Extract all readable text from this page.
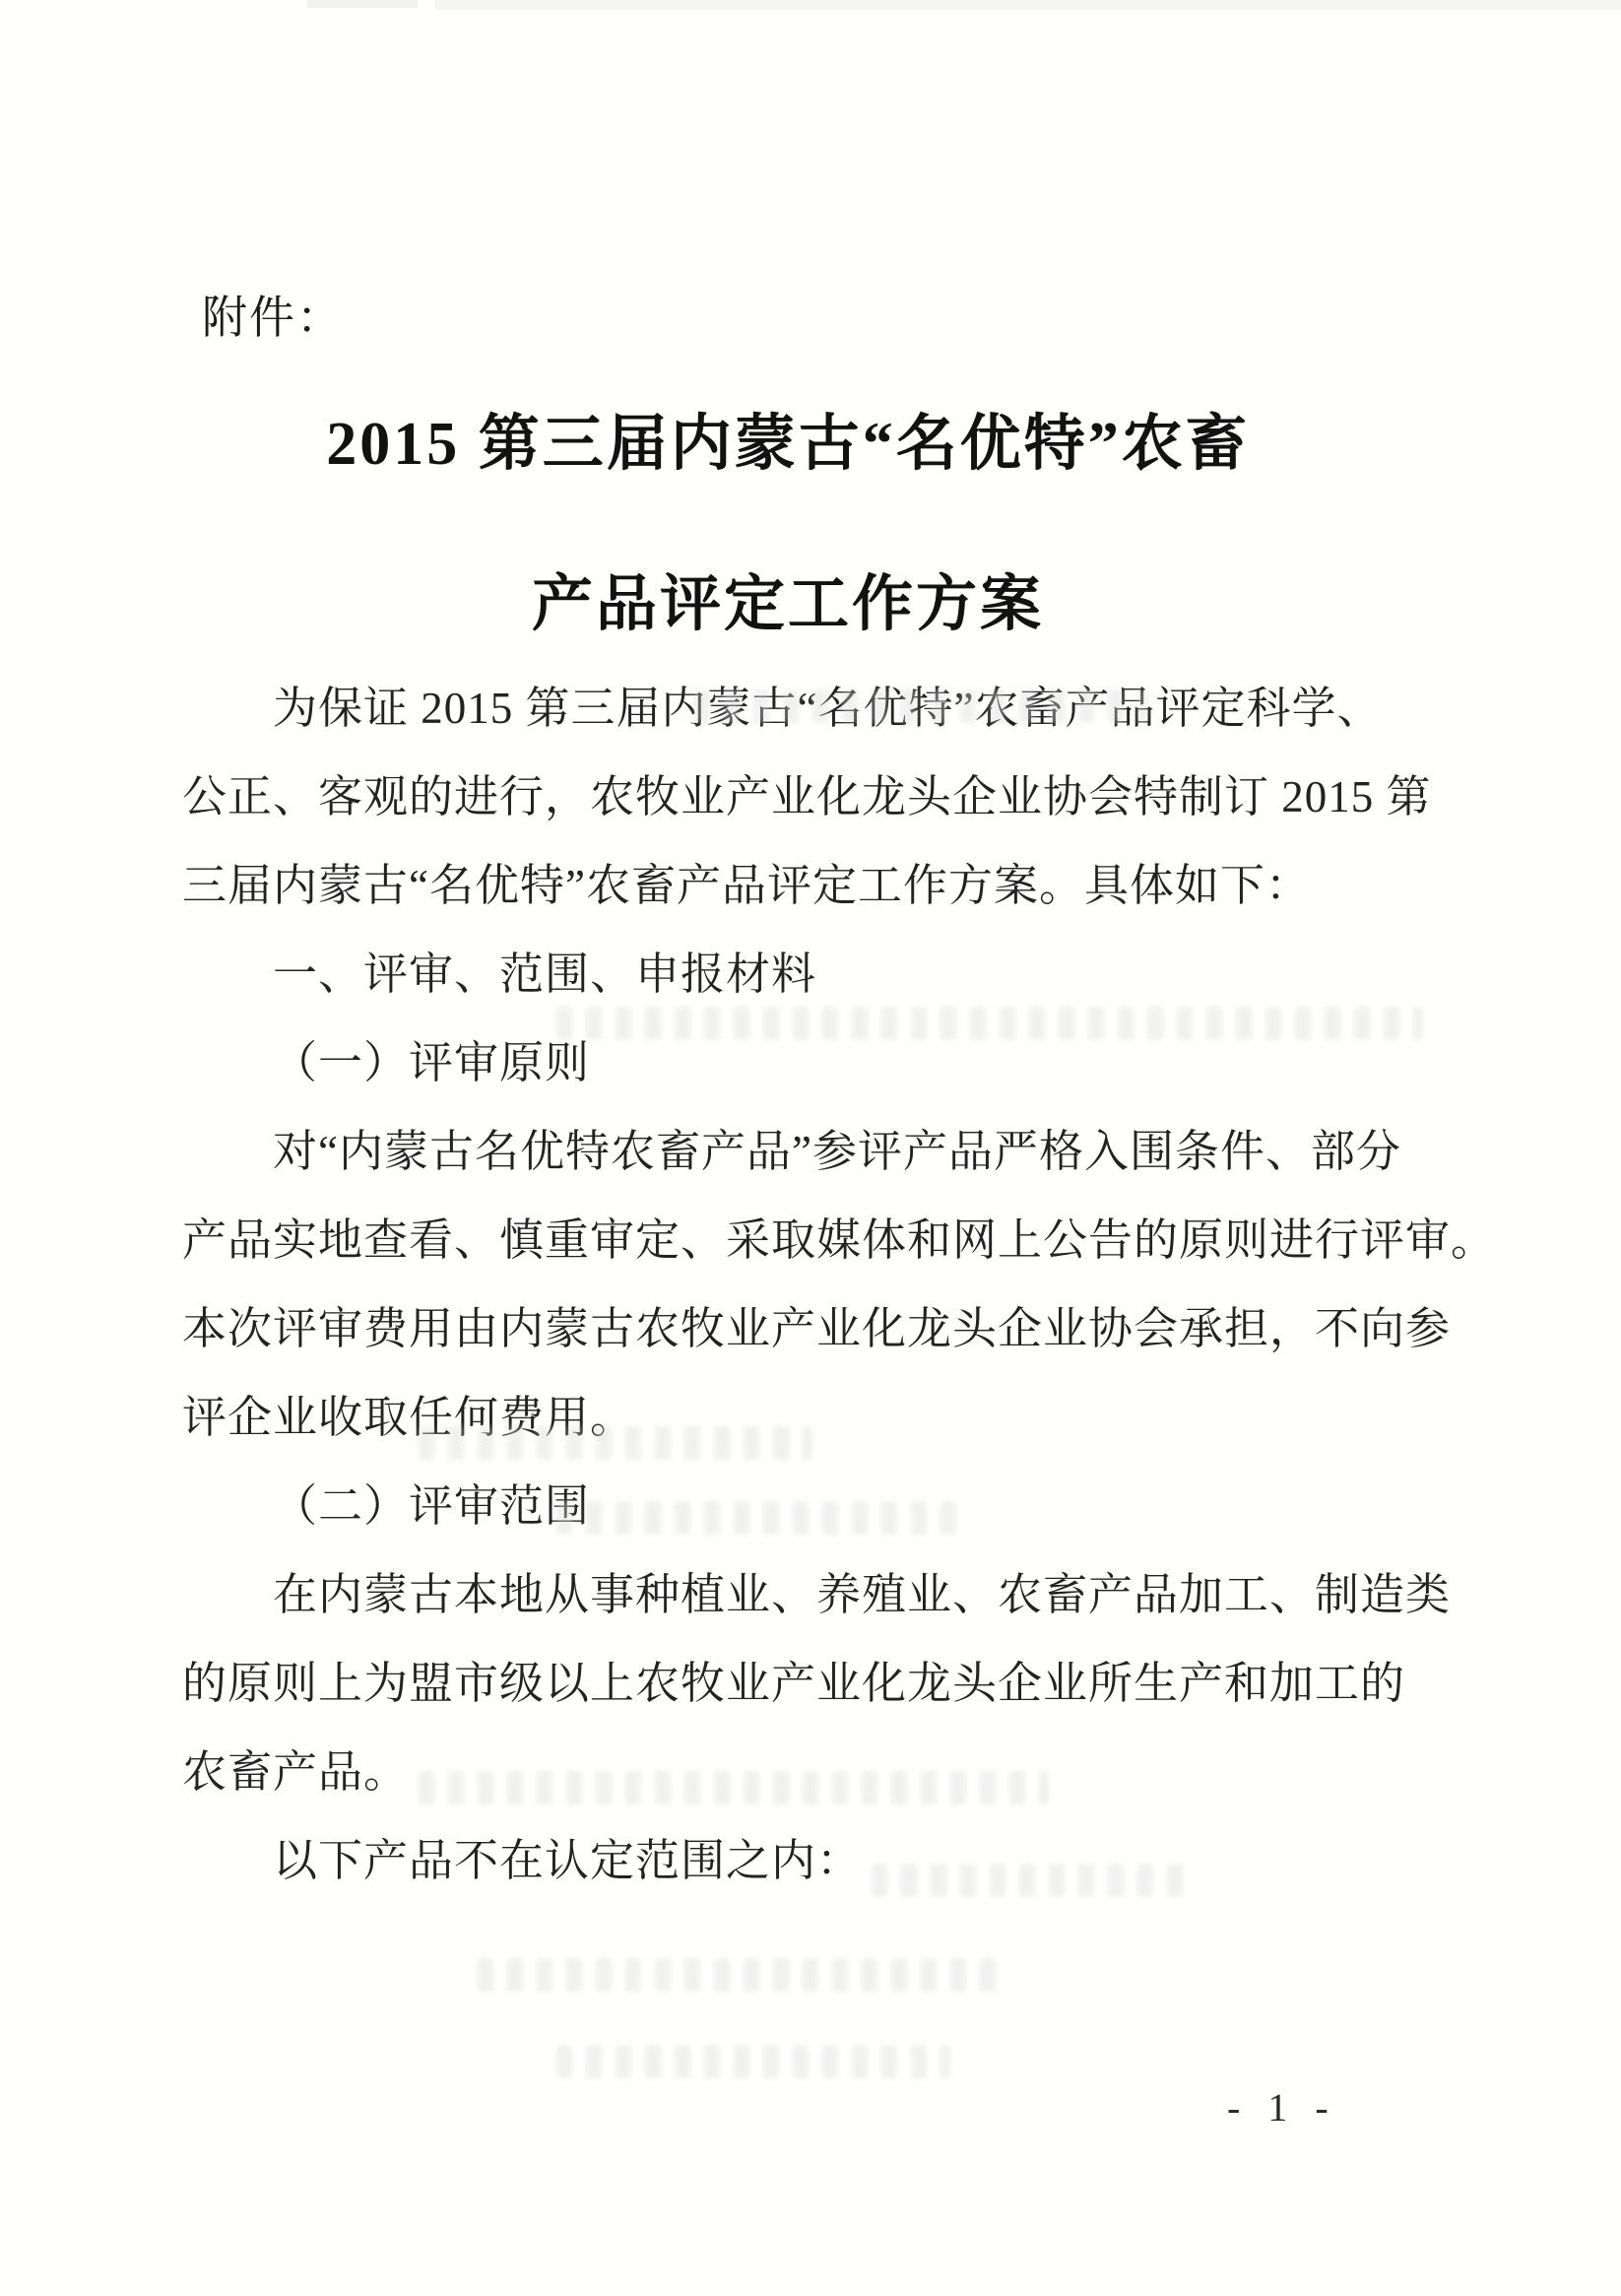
附件：
2015 第三届内蒙古“名优特”农畜
产品评定工作方案
为保证 2015 第三届内蒙古“名优特”农畜产品评定科学、
公正、客观的进行，农牧业产业化龙头企业协会特制订 2015 第
三届内蒙古“名优特”农畜产品评定工作方案。具体如下：
一、评审、范围、申报材料
（一）评审原则
对“内蒙古名优特农畜产品”参评产品严格入围条件、部分
产品实地查看、慎重审定、采取媒体和网上公告的原则进行评审。
本次评审费用由内蒙古农牧业产业化龙头企业协会承担，不向参
评企业收取任何费用。
（二）评审范围
在内蒙古本地从事种植业、养殖业、农畜产品加工、制造类
的原则上为盟市级以上农牧业产业化龙头企业所生产和加工的
农畜产品。
以下产品不在认定范围之内：
- 1 -
